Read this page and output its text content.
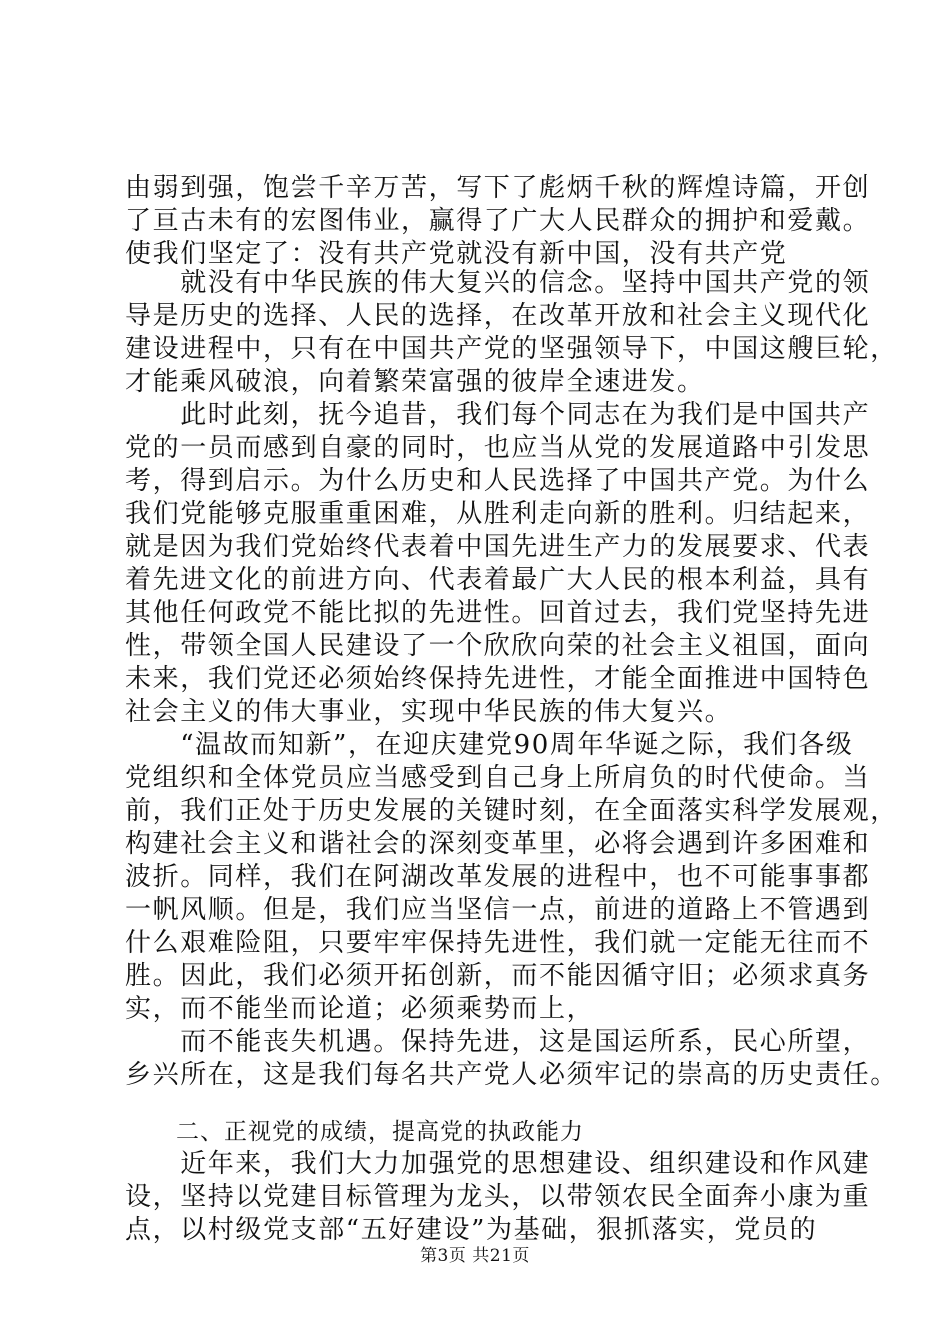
由弱到强，饱尝千辛万苦，写下了彪炳千秋的辉煌诗篇，开创
了亘古未有的宏图伟业，赢得了广大人民群众的拥护和爱戴。
使我们坚定了：没有共产党就没有新中国，没有共产党
　　就没有中华民族的伟大复兴的信念。坚持中国共产党的领
导是历史的选择、人民的选择，在改革开放和社会主义现代化
建设进程中，只有在中国共产党的坚强领导下，中国这艘巨轮，
才能乘风破浪，向着繁荣富强的彼岸全速进发。
　　此时此刻，抚今追昔，我们每个同志在为我们是中国共产
党的一员而感到自豪的同时，也应当从党的发展道路中引发思
考，得到启示。为什么历史和人民选择了中国共产党。为什么
我们党能够克服重重困难，从胜利走向新的胜利。归结起来，
就是因为我们党始终代表着中国先进生产力的发展要求、代表
着先进文化的前进方向、代表着最广大人民的根本利益，具有
其他任何政党不能比拟的先进性。回首过去，我们党坚持先进
性，带领全国人民建设了一个欣欣向荣的社会主义祖国，面向
未来，我们党还必须始终保持先进性，才能全面推进中国特色
社会主义的伟大事业，实现中华民族的伟大复兴。
　　“温故而知新”，在迎庆建党90周年华诞之际，我们各级
党组织和全体党员应当感受到自己身上所肩负的时代使命。当
前，我们正处于历史发展的关键时刻，在全面落实科学发展观，
构建社会主义和谐社会的深刻变革里，必将会遇到许多困难和
波折。同样，我们在阿湖改革发展的进程中，也不可能事事都
一帆风顺。但是，我们应当坚信一点，前进的道路上不管遇到
什么艰难险阻，只要牢牢保持先进性，我们就一定能无往而不
胜。因此，我们必须开拓创新，而不能因循守旧；必须求真务
实，而不能坐而论道；必须乘势而上，
　　而不能丧失机遇。保持先进，这是国运所系，民心所望，
乡兴所在，这是我们每名共产党人必须牢记的崇高的历史责任。
二、正视党的成绩，提高党的执政能力
　　近年来，我们大力加强党的思想建设、组织建设和作风建
设，坚持以党建目标管理为龙头，以带领农民全面奔小康为重
点，以村级党支部“五好建设”为基础，狠抓落实，党员的
第3页 共21页
